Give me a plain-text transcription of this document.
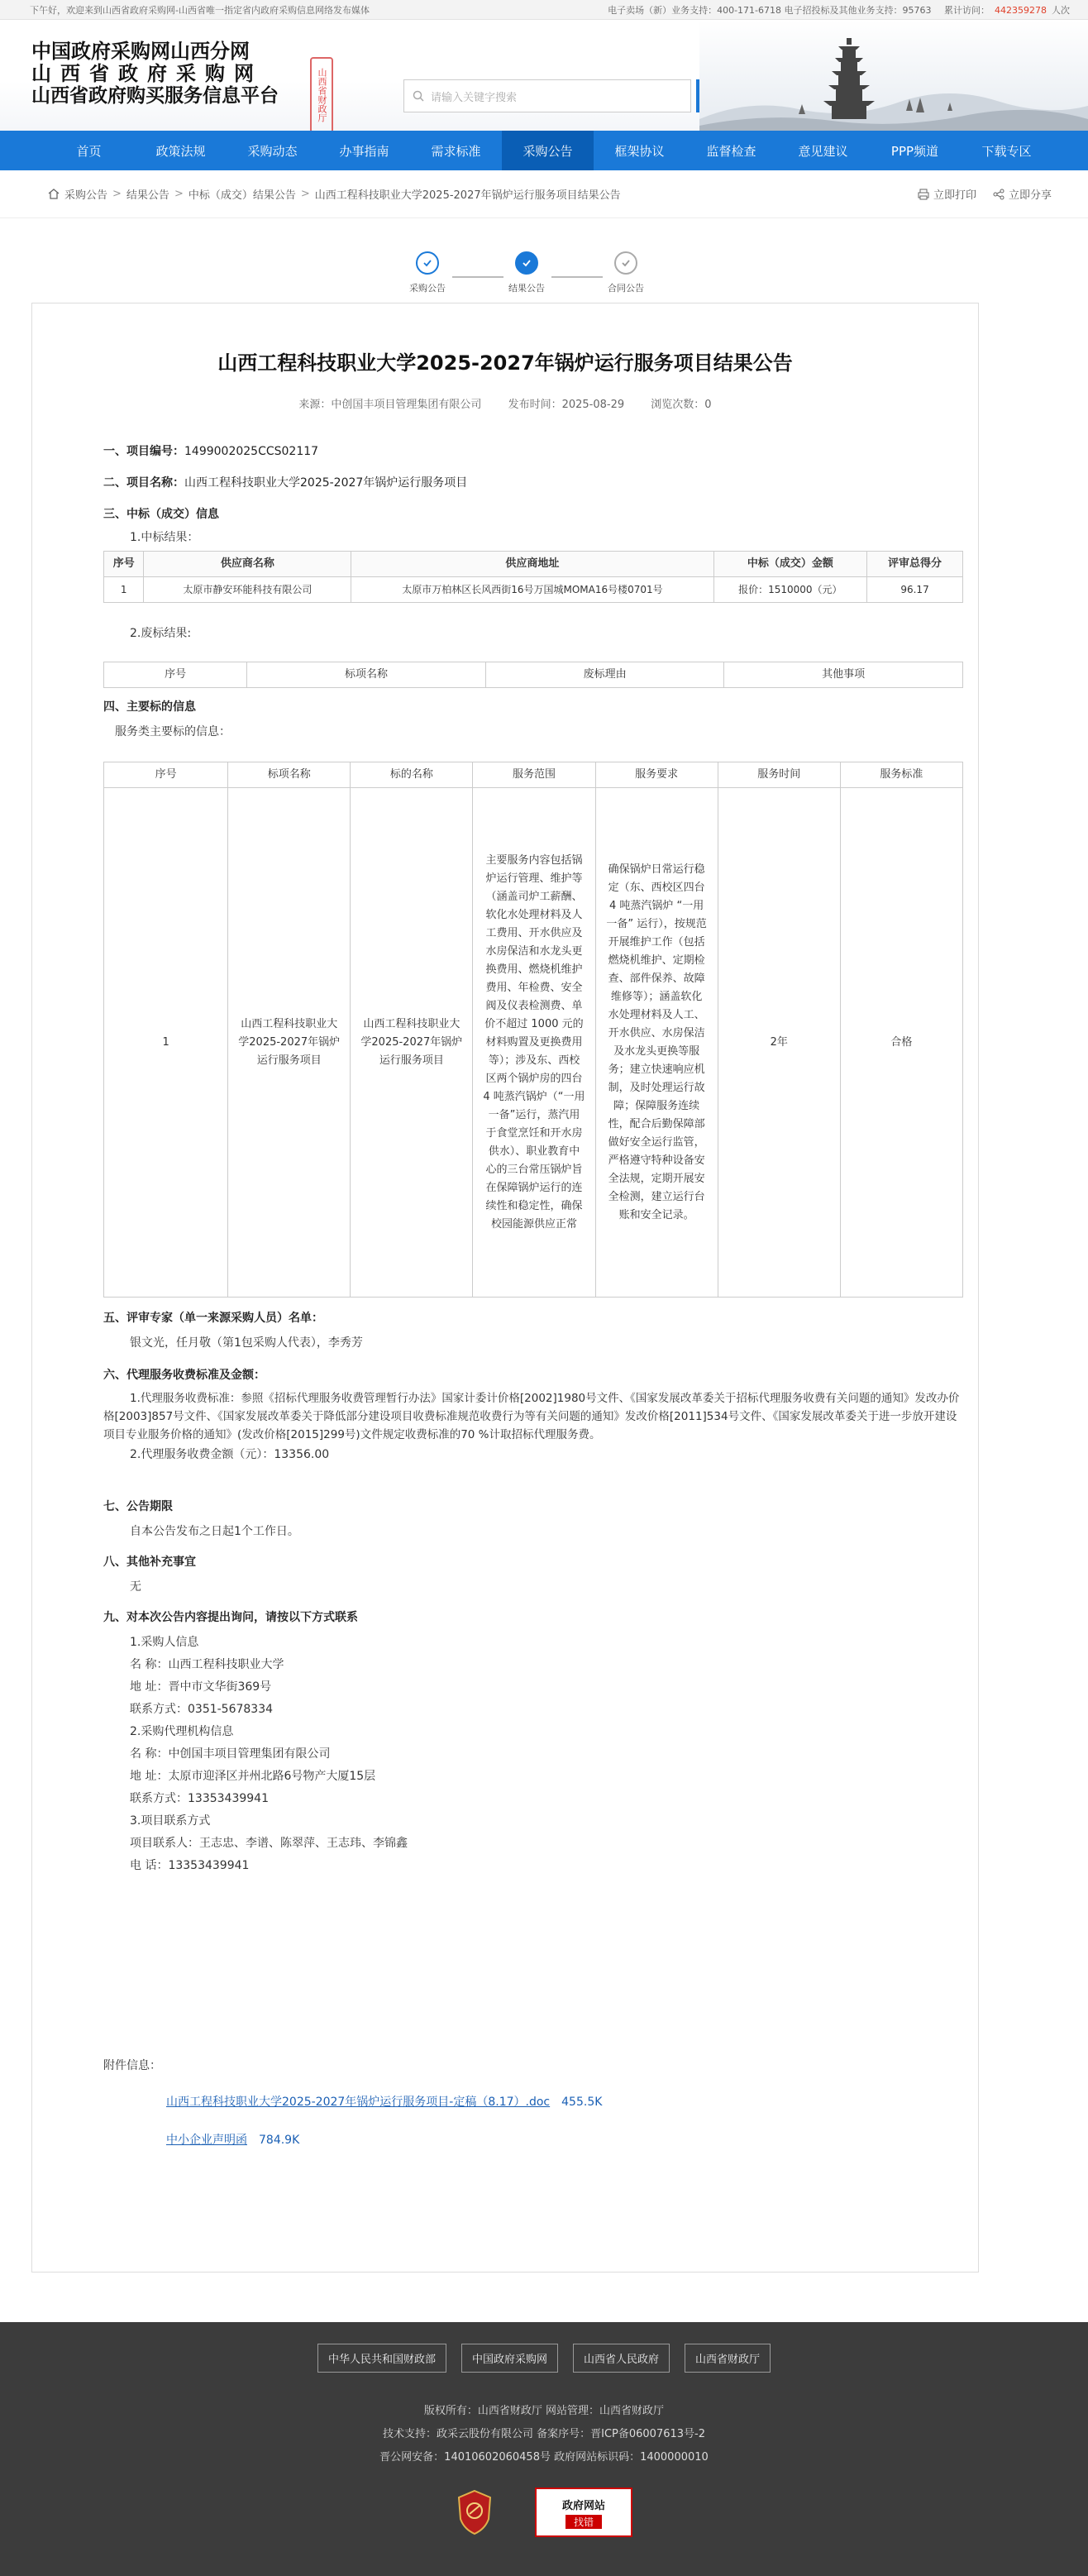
下午好，欢迎来到山西省政府采购网-山西省唯一指定省内政府采购信息网络发布媒体	电子卖场（新）业务支持：400-171-6718 电子招投标及其他业务支持：95763 累计访问： 442359278 人次
中国政府采购网山西分网
山西省政府采购网
山西省政府购买服务信息平台	山西省财政厅	请输入关键字搜索
首页	政策法规	采购动态	办事指南	需求标准	采购公告	框架协议	监督检查	意见建议	PPP频道	下载专区
采购公告 > 结果公告 > 中标（成交）结果公告 > 山西工程科技职业大学2025-2027年锅炉运行服务项目结果公告	立即打印	立即分享
采购公告	结果公告	合同公告
山西工程科技职业大学2025-2027年锅炉运行服务项目结果公告
来源：中创国丰项目管理集团有限公司 发布时间：2025-08-29 浏览次数：0
一、项目编号：1499002025CCS02117
二、项目名称：山西工程科技职业大学2025-2027年锅炉运行服务项目
三、中标（成交）信息
1.中标结果：
序号	供应商名称	供应商地址	中标（成交）金额	评审总得分
1	太原市静安环能科技有限公司	太原市万柏林区长风西街16号万国城MOMA16号楼0701号	报价：1510000（元）	96.17
2.废标结果:
序号	标项名称	废标理由	其他事项
四、主要标的信息
服务类主要标的信息：
序号	标项名称	标的名称	服务范围	服务要求	服务时间	服务标准
1	山西工程科技职业大学2025-2027年锅炉运行服务项目	山西工程科技职业大学2025-2027年锅炉运行服务项目	主要服务内容包括锅炉运行管理、维护等（涵盖司炉工薪酬、软化水处理材料及人工费用、开水供应及水房保洁和水龙头更换费用、燃烧机维护费用、年检费、安全阀及仪表检测费、单价不超过 1000 元的材料购置及更换费用等）；涉及东、西校区两个锅炉房的四台 4 吨蒸汽锅炉（“一用一备”运行，蒸汽用于食堂烹饪和开水房供水）、职业教育中心的三台常压锅炉旨在保障锅炉运行的连续性和稳定性，确保校园能源供应正常	确保锅炉日常运行稳定（东、西校区四台 4 吨蒸汽锅炉 “一用一备” 运行），按规范开展维护工作（包括燃烧机维护、定期检查、部件保养、故障维修等）；涵盖软化水处理材料及人工、开水供应、水房保洁及水龙头更换等服务；建立快速响应机制，及时处理运行故障；保障服务连续性，配合后勤保障部做好安全运行监管，严格遵守特种设备安全法规，定期开展安全检测，建立运行台账和安全记录。	2年	合格
五、评审专家（单一来源采购人员）名单：
银文光，任月敬（第1包采购人代表），李秀芳
六、代理服务收费标准及金额：
1.代理服务收费标准：参照《招标代理服务收费管理暂行办法》国家计委计价格[2002]1980号文件、《国家发展改革委关于招标代理服务收费有关问题的通知》发改办价格[2003]857号文件、《国家发展改革委关于降低部分建设项目收费标准规范收费行为等有关问题的通知》发改价格[2011]534号文件、《国家发展改革委关于进一步放开建设项目专业服务价格的通知》(发改价格[2015]299号)文件规定收费标准的70 %计取招标代理服务费。
2.代理服务收费金额（元）：13356.00
七、公告期限
自本公告发布之日起1个工作日。
八、其他补充事宜
无
九、对本次公告内容提出询问，请按以下方式联系
1.采购人信息
名 称：山西工程科技职业大学
地 址：晋中市文华街369号
联系方式：0351-5678334
2.采购代理机构信息
名 称：中创国丰项目管理集团有限公司
地 址：太原市迎泽区并州北路6号物产大厦15层
联系方式：13353439941
3.项目联系方式
项目联系人：王志忠、李谱、陈翠萍、王志玮、李锦鑫
电 话：13353439941
附件信息：
山西工程科技职业大学2025-2027年锅炉运行服务项目-定稿（8.17）.doc 455.5K
中小企业声明函 784.9K
中华人民共和国财政部	中国政府采购网	山西省人民政府	山西省财政厅
版权所有：山西省财政厅 网站管理：山西省财政厅
技术支持：政采云股份有限公司 备案序号：晋ICP备06007613号-2
晋公网安备：14010602060458号 政府网站标识码：1400000010
政府网站
找错
